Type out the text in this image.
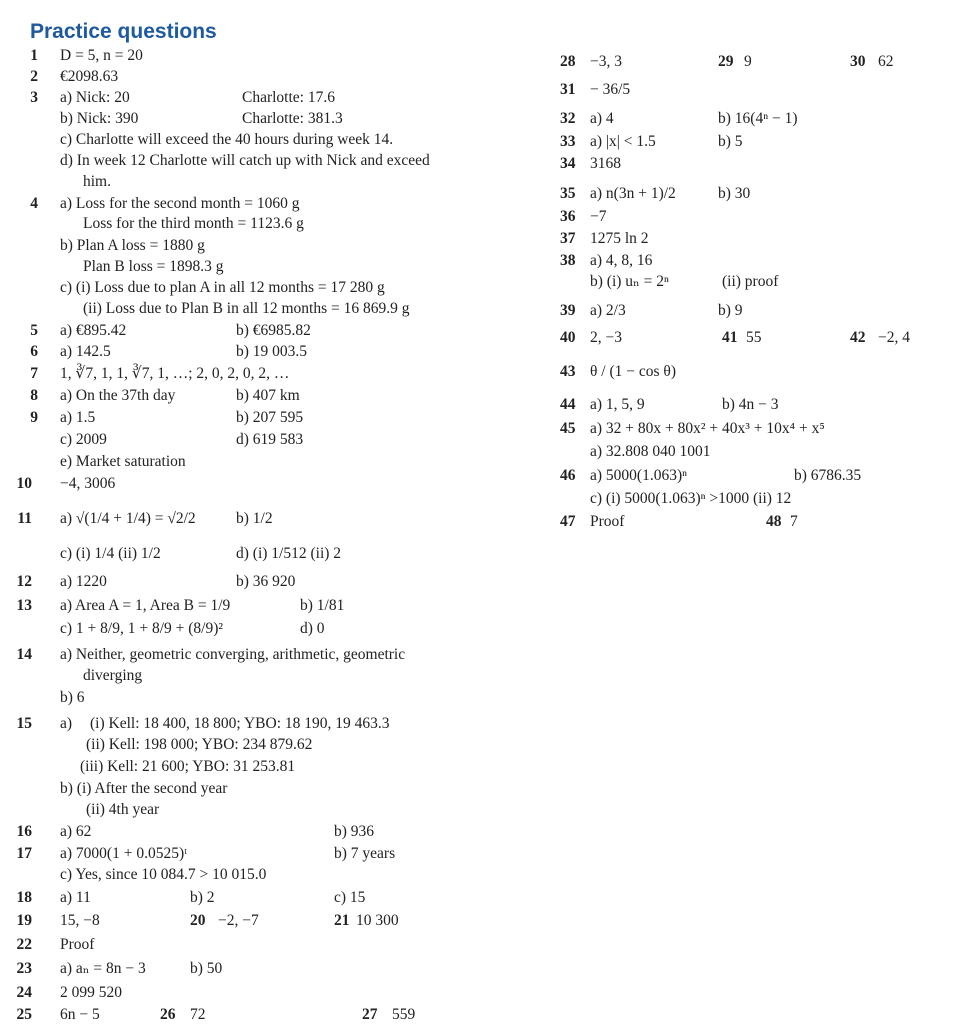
Practice questions
1 D = 5, n = 20
2 €2098.63
3 a) Nick: 20	Charlotte: 17.6
b) Nick: 390	Charlotte: 381.3
c) Charlotte will exceed the 40 hours during week 14.
d) In week 12 Charlotte will catch up with Nick and exceed
him.
4 a) Loss for the second month = 1060 g
Loss for the third month = 1123.6 g
b) Plan A loss = 1880 g
Plan B loss = 1898.3 g
c) (i) Loss due to plan A in all 12 months = 17 280 g
(ii) Loss due to Plan B in all 12 months = 16 869.9 g
5 a) €895.42	b) €6985.82
6 a) 142.5	b) 19 003.5
7 1, ∛7, 1, 1, ∛7, 1, …; 2, 0, 2, 0, 2, …
8 a) On the 37th day	b) 407 km
9 a) 1.5	b) 207 595
c) 2009	d) 619 583
e) Market saturation
10 −4, 3006
11 a) √(1/4 + 1/4) = √2/2	b) 1/2
c) (i) 1/4 (ii) 1/2	d) (i) 1/512 (ii) 2
12 a) 1220	b) 36 920
13 a) Area A = 1, Area B = 1/9	b) 1/81
c) 1 + 8/9, 1 + 8/9 + (8/9)²	d) 0
14 a) Neither, geometric converging, arithmetic, geometric
diverging
b) 6
15 a) (i) Kell: 18 400, 18 800; YBO: 18 190, 19 463.3
(ii) Kell: 198 000; YBO: 234 879.62
(iii) Kell: 21 600; YBO: 31 253.81
b) (i) After the second year
(ii) 4th year
16 a) 62	b) 936
17 a) 7000(1 + 0.0525)ᵗ	b) 7 years
c) Yes, since 10 084.7 > 10 015.0
18 a) 11	b) 2	c) 15
19 15, −8	20 −2, −7	21 10 300
22 Proof
23 a) aₙ = 8n − 3	b) 50
24 2 099 520
25 6n − 5	26 72	27 559
28 −3, 3	29 9	30 62
31 − 36/5
32 a) 4	b) 16(4ⁿ − 1)
33 a) |x| < 1.5	b) 5
34 3168
35 a) n(3n + 1)/2	b) 30
36 −7
37 1275 ln 2
38 a) 4, 8, 16
b) (i) uₙ = 2ⁿ	(ii) proof
39 a) 2/3	b) 9
40 2, −3	41 55	42 −2, 4
43 θ / (1 − cos θ)
44 a) 1, 5, 9	b) 4n − 3
45 a) 32 + 80x + 80x² + 40x³ + 10x⁴ + x⁵
a) 32.808 040 1001
46 a) 5000(1.063)ⁿ	b) 6786.35
c) (i) 5000(1.063)ⁿ >1000 (ii) 12
47 Proof	48 7
